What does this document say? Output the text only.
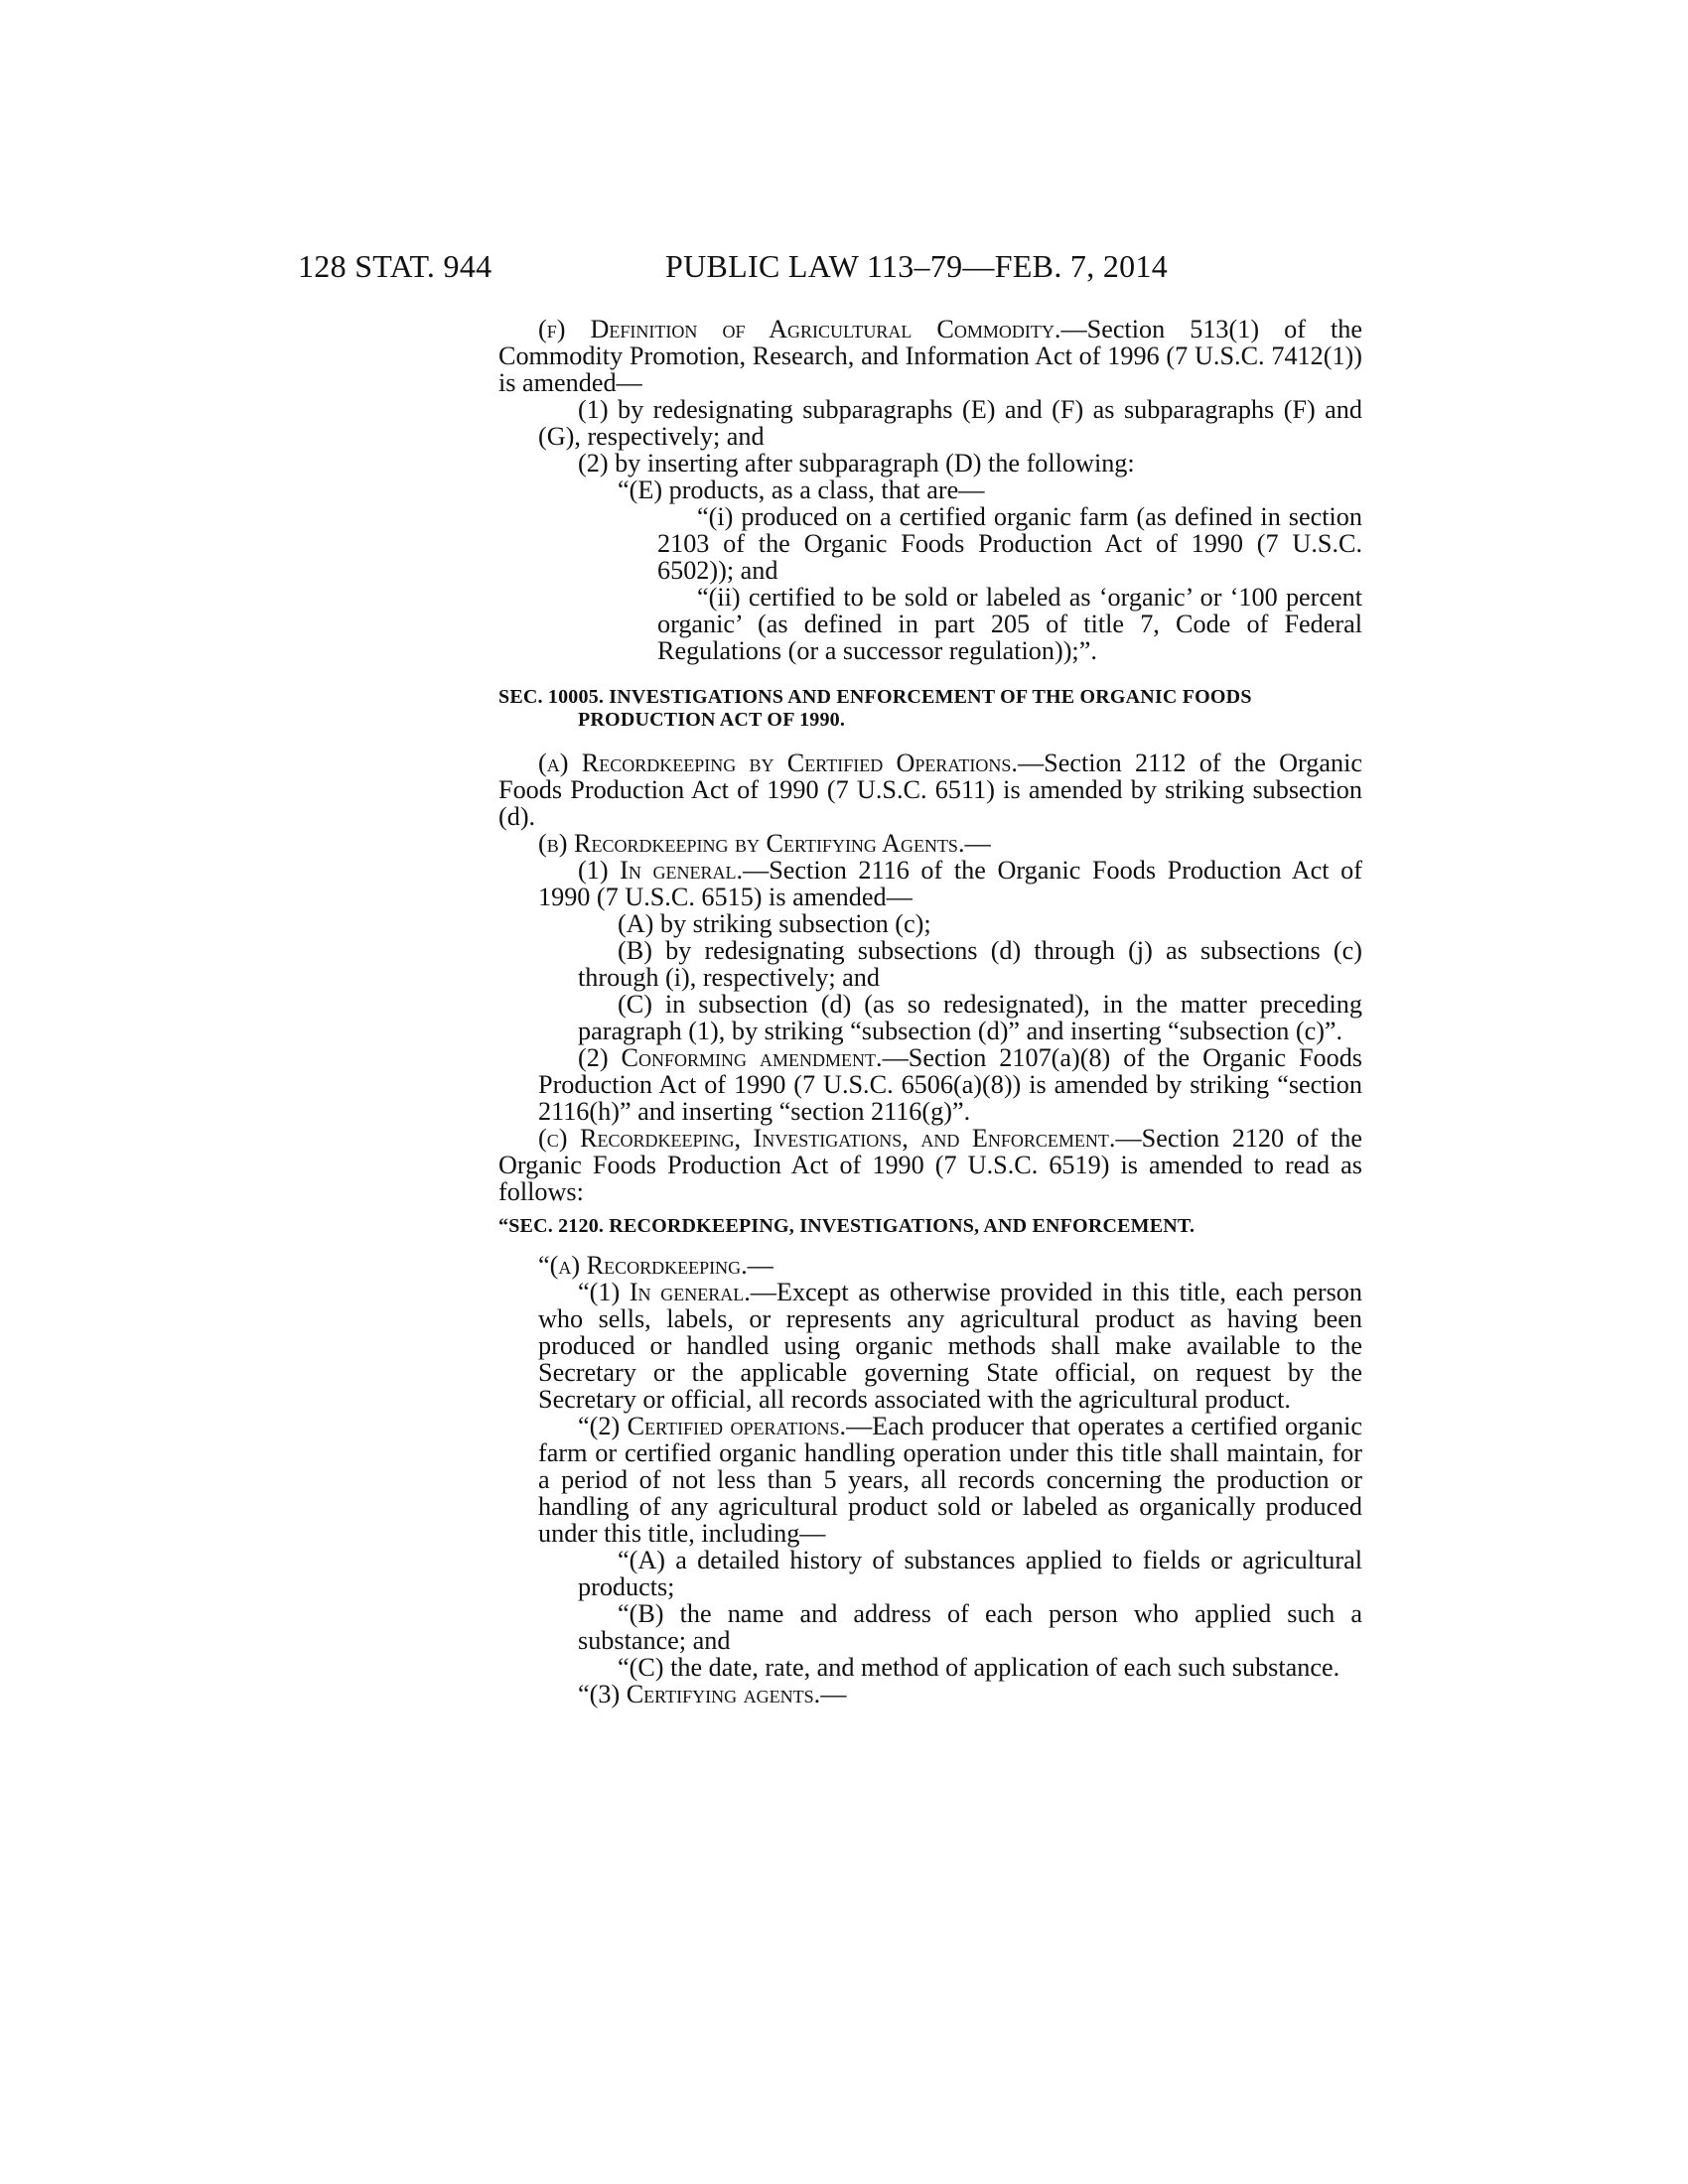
128 STAT. 944	PUBLIC LAW 113–79—FEB. 7, 2014

(f) Definition of Agricultural Commodity.—Section 513(1) of the Commodity Promotion, Research, and Information Act of 1996 (7 U.S.C. 7412(1)) is amended—

(1) by redesignating subparagraphs (E) and (F) as subparagraphs (F) and (G), respectively; and

(2) by inserting after subparagraph (D) the following:

“(E) products, as a class, that are—

“(i) produced on a certified organic farm (as defined in section 2103 of the Organic Foods Production Act of 1990 (7 U.S.C. 6502)); and

“(ii) certified to be sold or labeled as ‘organic’ or ‘100 percent organic’ (as defined in part 205 of title 7, Code of Federal Regulations (or a successor regulation));”.

SEC. 10005. INVESTIGATIONS AND ENFORCEMENT OF THE ORGANIC FOODS PRODUCTION ACT OF 1990.

(a) Recordkeeping by Certified Operations.—Section 2112 of the Organic Foods Production Act of 1990 (7 U.S.C. 6511) is amended by striking subsection (d).

(b) Recordkeeping by Certifying Agents.—

(1) In general.—Section 2116 of the Organic Foods Production Act of 1990 (7 U.S.C. 6515) is amended—

(A) by striking subsection (c);

(B) by redesignating subsections (d) through (j) as subsections (c) through (i), respectively; and

(C) in subsection (d) (as so redesignated), in the matter preceding paragraph (1), by striking “subsection (d)” and inserting “subsection (c)”.

(2) Conforming amendment.—Section 2107(a)(8) of the Organic Foods Production Act of 1990 (7 U.S.C. 6506(a)(8)) is amended by striking “section 2116(h)” and inserting “section 2116(g)”.

(c) Recordkeeping, Investigations, and Enforcement.—Section 2120 of the Organic Foods Production Act of 1990 (7 U.S.C. 6519) is amended to read as follows:

“SEC. 2120. RECORDKEEPING, INVESTIGATIONS, AND ENFORCEMENT.

“(a) Recordkeeping.—

“(1) In general.—Except as otherwise provided in this title, each person who sells, labels, or represents any agricultural product as having been produced or handled using organic methods shall make available to the Secretary or the applicable governing State official, on request by the Secretary or official, all records associated with the agricultural product.

“(2) Certified operations.—Each producer that operates a certified organic farm or certified organic handling operation under this title shall maintain, for a period of not less than 5 years, all records concerning the production or handling of any agricultural product sold or labeled as organically produced under this title, including—

“(A) a detailed history of substances applied to fields or agricultural products;

“(B) the name and address of each person who applied such a substance; and

“(C) the date, rate, and method of application of each such substance.

“(3) Certifying agents.—
